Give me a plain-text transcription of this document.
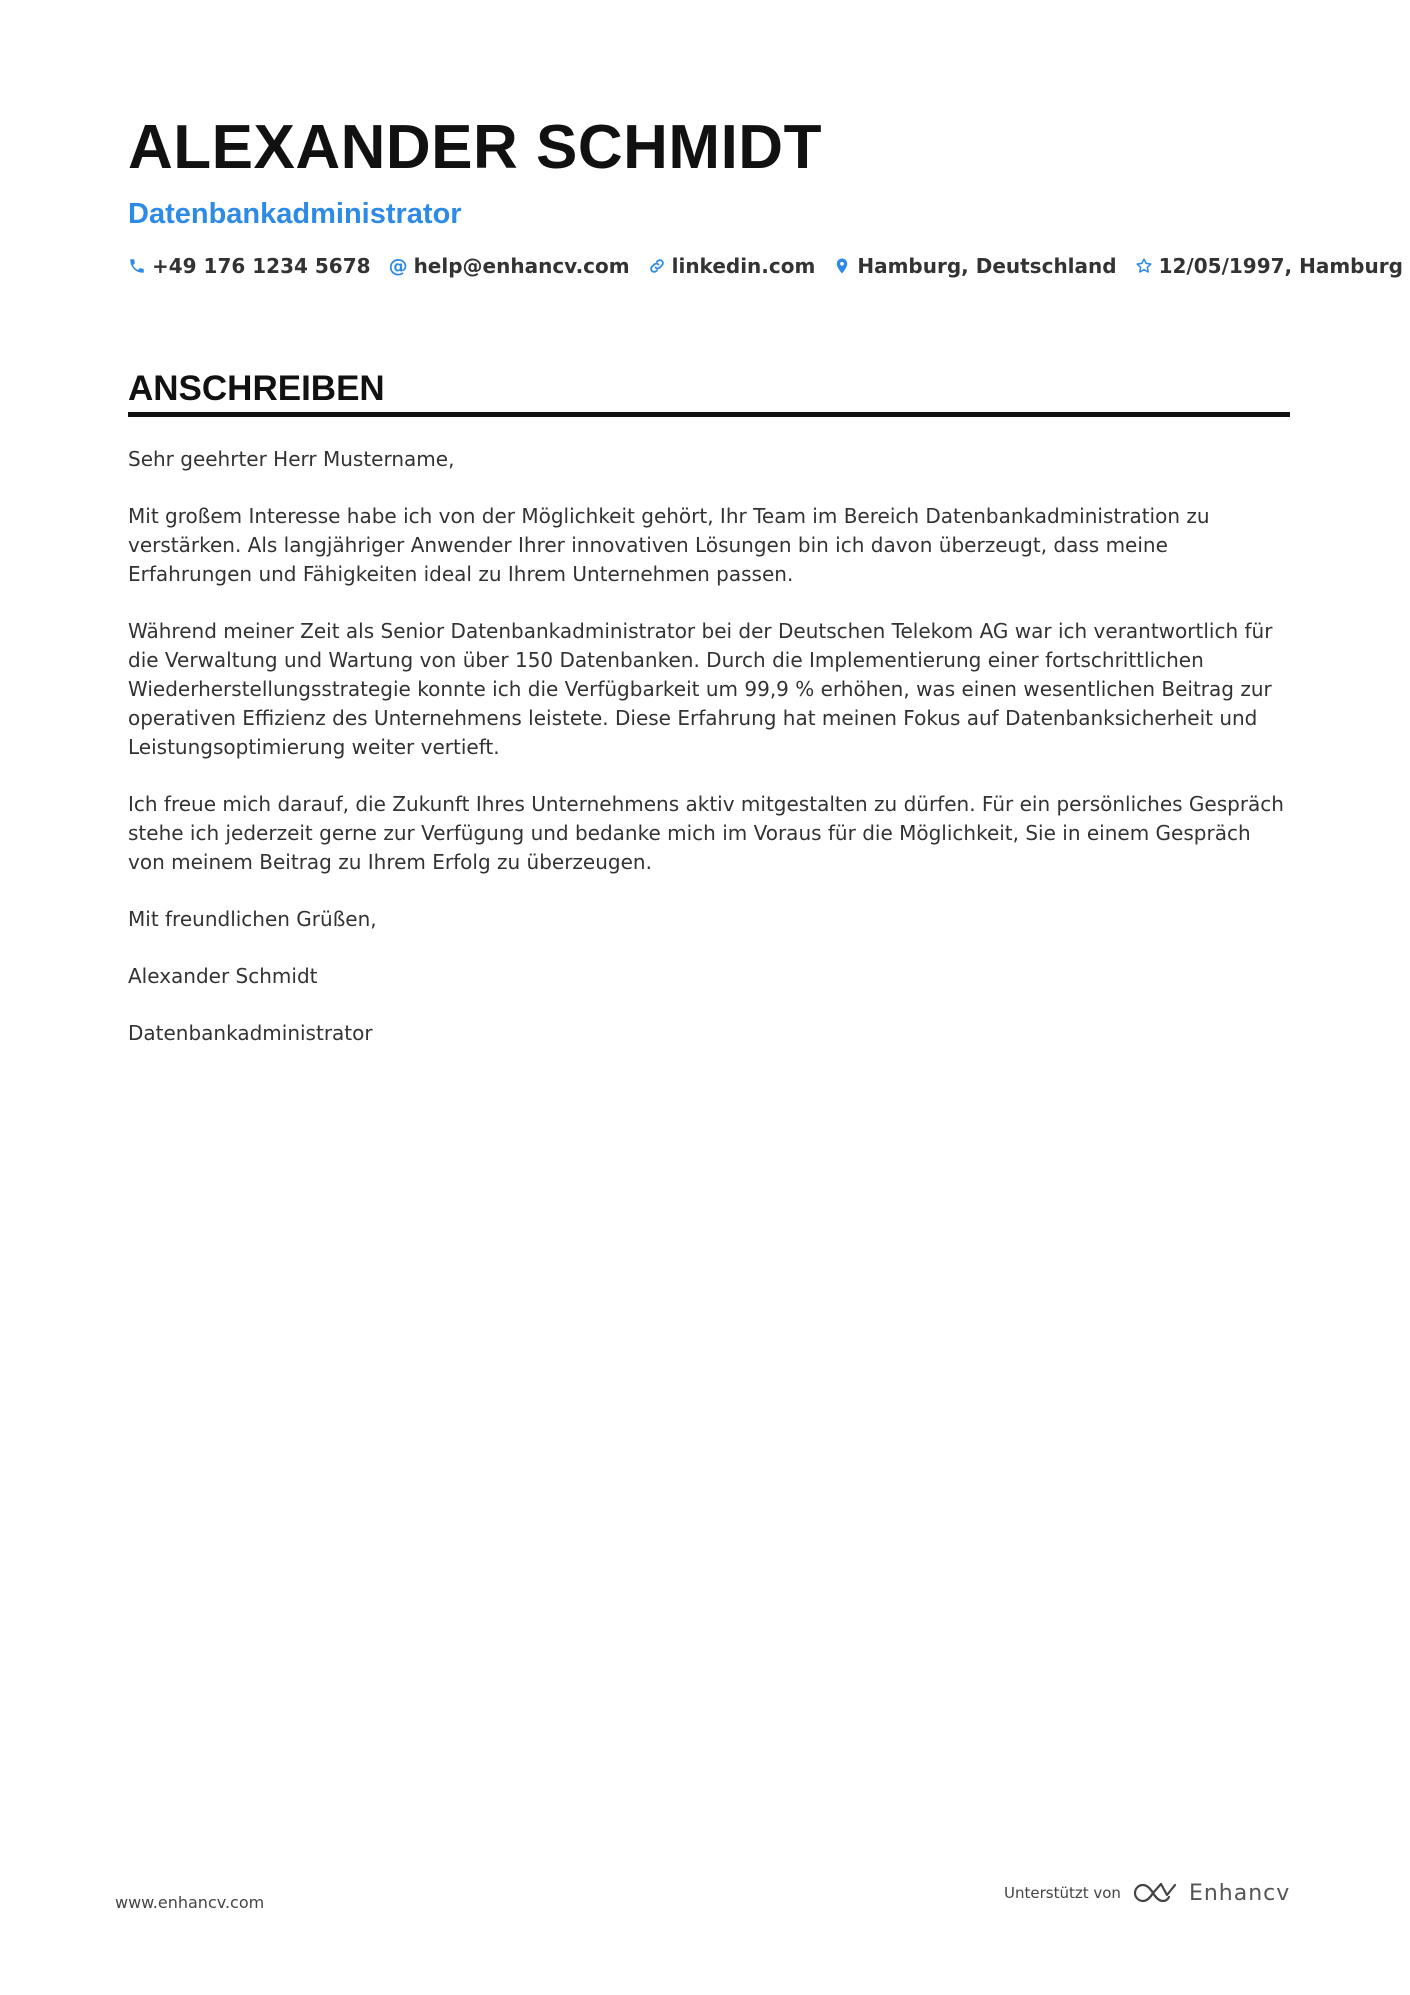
ALEXANDER SCHMIDT
Datenbankadministrator
+49 176 1234 5678 @ help@enhancv.com linkedin.com Hamburg, Deutschland 12/05/1997, Hamburg
ANSCHREIBEN

Sehr geehrter Herr Mustername,

Mit großem Interesse habe ich von der Möglichkeit gehört, Ihr Team im Bereich Datenbankadministration zu verstärken. Als langjähriger Anwender Ihrer innovativen Lösungen bin ich davon überzeugt, dass meine Erfahrungen und Fähigkeiten ideal zu Ihrem Unternehmen passen.

Während meiner Zeit als Senior Datenbankadministrator bei der Deutschen Telekom AG war ich verantwortlich für die Verwaltung und Wartung von über 150 Datenbanken. Durch die Implementierung einer fortschrittlichen Wiederherstellungsstrategie konnte ich die Verfügbarkeit um 99,9 % erhöhen, was einen wesentlichen Beitrag zur operativen Effizienz des Unternehmens leistete. Diese Erfahrung hat meinen Fokus auf Datenbanksicherheit und Leistungsoptimierung weiter vertieft.

Ich freue mich darauf, die Zukunft Ihres Unternehmens aktiv mitgestalten zu dürfen. Für ein persönliches Gespräch stehe ich jederzeit gerne zur Verfügung und bedanke mich im Voraus für die Möglichkeit, Sie in einem Gespräch von meinem Beitrag zu Ihrem Erfolg zu überzeugen.

Mit freundlichen Grüßen,

Alexander Schmidt

Datenbankadministrator

www.enhancv.com	Unterstützt von	Enhancv
